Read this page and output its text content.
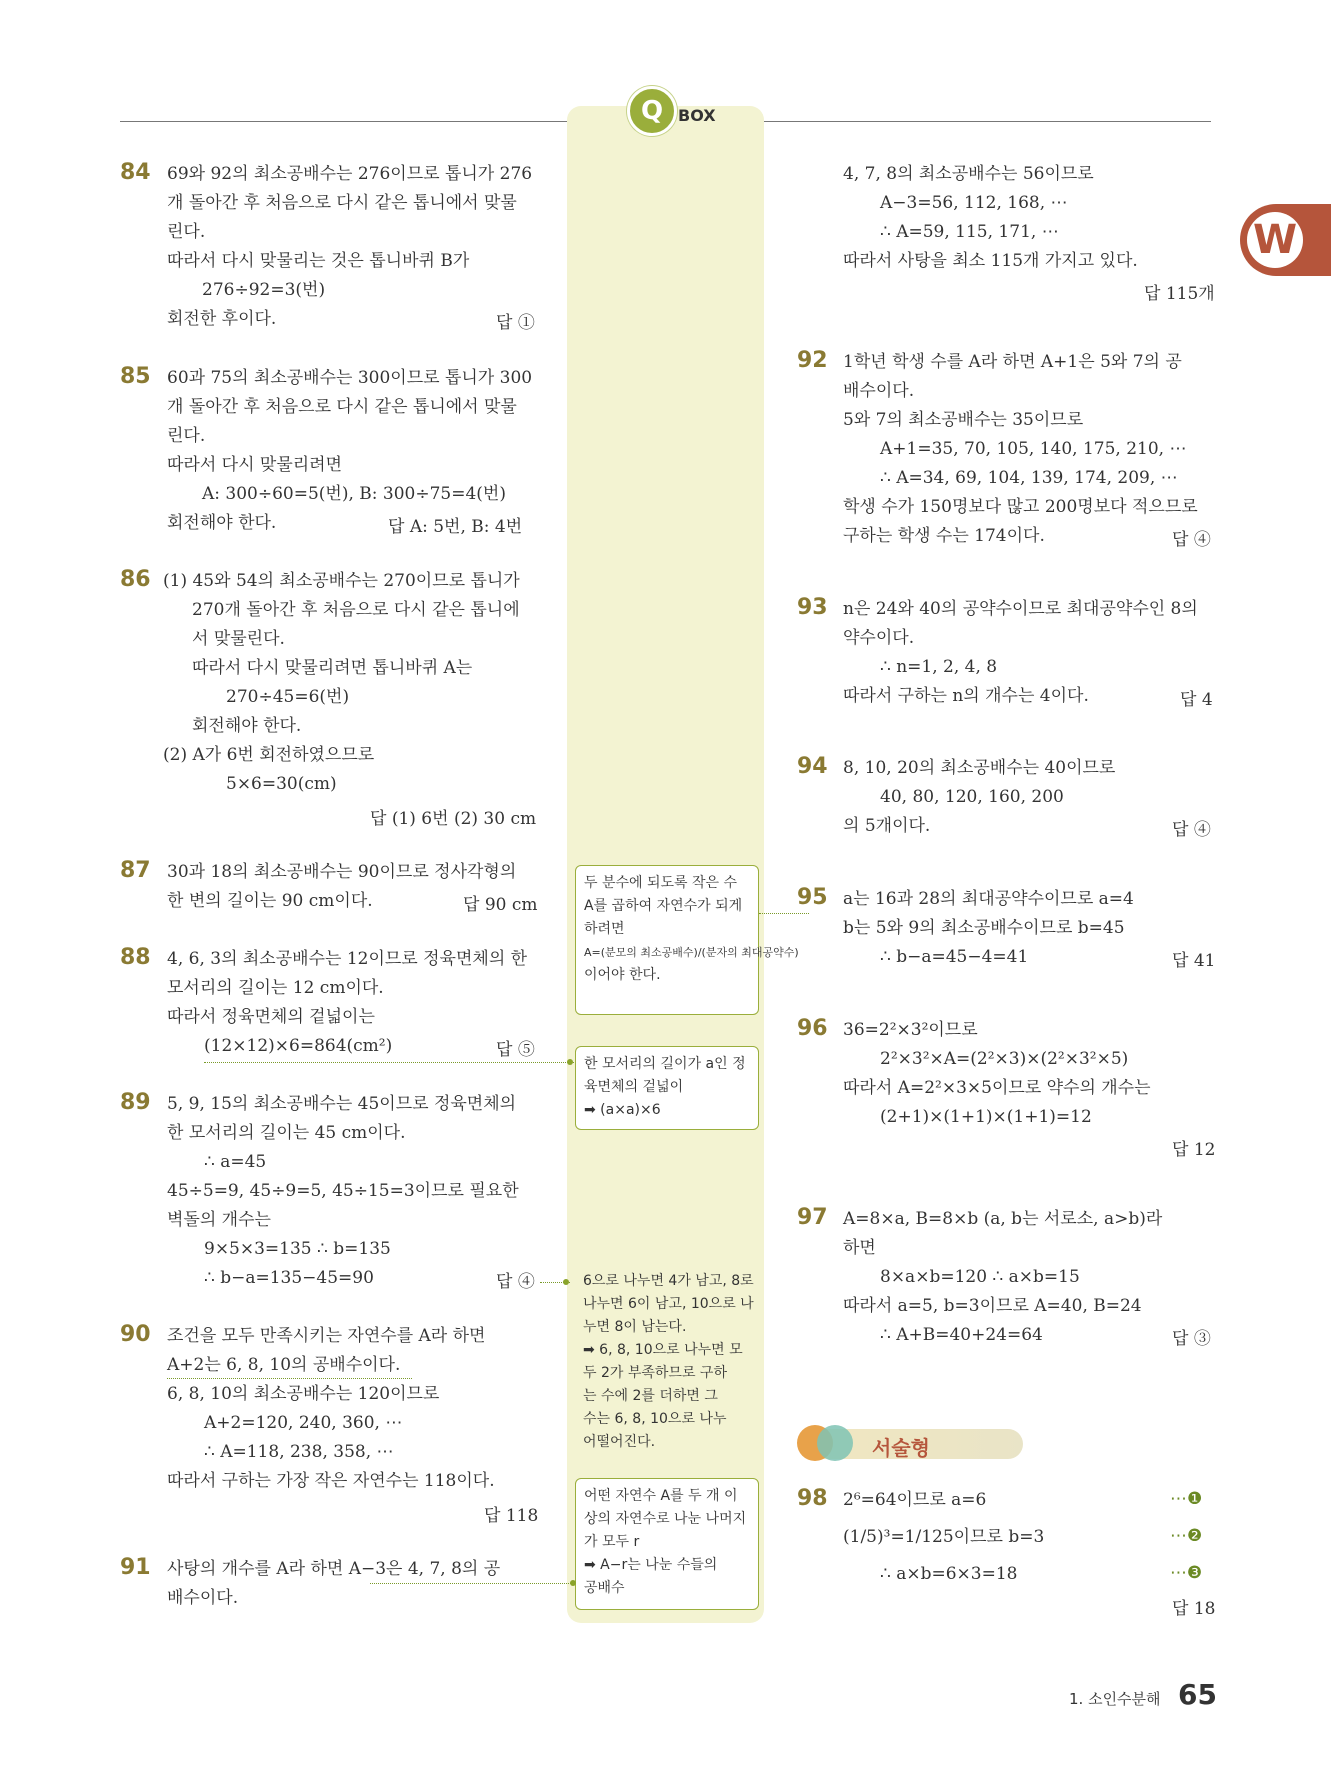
Q BOX
W
84 69와 92의 최소공배수는 276이므로 톱니가 276
개 돌아간 후 처음으로 다시 같은 톱니에서 맞물
린다.
따라서 다시 맞물리는 것은 톱니바퀴 B가
276÷92=3(번)
회전한 후이다.	답 ①
85 60과 75의 최소공배수는 300이므로 톱니가 300
개 돌아간 후 처음으로 다시 같은 톱니에서 맞물
린다.
따라서 다시 맞물리려면
A: 300÷60=5(번), B: 300÷75=4(번)
회전해야 한다.	답 A: 5번, B: 4번
86 (1) 45와 54의 최소공배수는 270이므로 톱니가
270개 돌아간 후 처음으로 다시 같은 톱니에
서 맞물린다.
따라서 다시 맞물리려면 톱니바퀴 A는
270÷45=6(번)
회전해야 한다.
(2) A가 6번 회전하였으므로
5×6=30(cm)
답 (1) 6번 (2) 30 cm
87 30과 18의 최소공배수는 90이므로 정사각형의
한 변의 길이는 90 cm이다.	답 90 cm
88 4, 6, 3의 최소공배수는 12이므로 정육면체의 한
모서리의 길이는 12 cm이다.
따라서 정육면체의 겉넓이는
(12×12)×6=864(cm²)	답 ⑤
89 5, 9, 15의 최소공배수는 45이므로 정육면체의
한 모서리의 길이는 45 cm이다.
∴ a=45
45÷5=9, 45÷9=5, 45÷15=3이므로 필요한
벽돌의 개수는
9×5×3=135 ∴ b=135
∴ b−a=135−45=90	답 ④
90 조건을 모두 만족시키는 자연수를 A라 하면
A+2는 6, 8, 10의 공배수이다.
6, 8, 10의 최소공배수는 120이므로
A+2=120, 240, 360, ⋯
∴ A=118, 238, 358, ⋯
따라서 구하는 가장 작은 자연수는 118이다.
답 118
91 사탕의 개수를 A라 하면 A−3은 4, 7, 8의 공
배수이다.
4, 7, 8의 최소공배수는 56이므로
A−3=56, 112, 168, ⋯
∴ A=59, 115, 171, ⋯
따라서 사탕을 최소 115개 가지고 있다.
답 115개
92 1학년 학생 수를 A라 하면 A+1은 5와 7의 공
배수이다.
5와 7의 최소공배수는 35이므로
A+1=35, 70, 105, 140, 175, 210, ⋯
∴ A=34, 69, 104, 139, 174, 209, ⋯
학생 수가 150명보다 많고 200명보다 적으므로
구하는 학생 수는 174이다.	답 ④
93 n은 24와 40의 공약수이므로 최대공약수인 8의
약수이다.
∴ n=1, 2, 4, 8
따라서 구하는 n의 개수는 4이다.	답 4
94 8, 10, 20의 최소공배수는 40이므로
40, 80, 120, 160, 200
의 5개이다.	답 ④
95 a는 16과 28의 최대공약수이므로 a=4
b는 5와 9의 최소공배수이므로 b=45
∴ b−a=45−4=41	답 41
96 36=2²×3²이므로
2²×3²×A=(2²×3)×(2²×3²×5)
따라서 A=2²×3×5이므로 약수의 개수는
(2+1)×(1+1)×(1+1)=12
답 12
97 A=8×a, B=8×b (a, b는 서로소, a>b)라
하면
8×a×b=120 ∴ a×b=15
따라서 a=5, b=3이므로 A=40, B=24
∴ A+B=40+24=64	답 ③
서술형
98 2⁶=64이므로 a=6
(1/5)³=1/125이므로 b=3
∴ a×b=6×3=18
⋯❶
⋯❷
⋯❸
답 18
두 분수에 되도록 작은 수
A를 곱하여 자연수가 되게
하려면
A=(분모의 최소공배수)/(분자의 최대공약수)
이어야 한다.
한 모서리의 길이가 a인 정
육면체의 겉넓이
➡ (a×a)×6
6으로 나누면 4가 남고, 8로
나누면 6이 남고, 10으로 나
누면 8이 남는다.
➡ 6, 8, 10으로 나누면 모
두 2가 부족하므로 구하
는 수에 2를 더하면 그
수는 6, 8, 10으로 나누
어떨어진다.
어떤 자연수 A를 두 개 이
상의 자연수로 나눈 나머지
가 모두 r
➡ A−r는 나눈 수들의
공배수
1. 소인수분해 65
